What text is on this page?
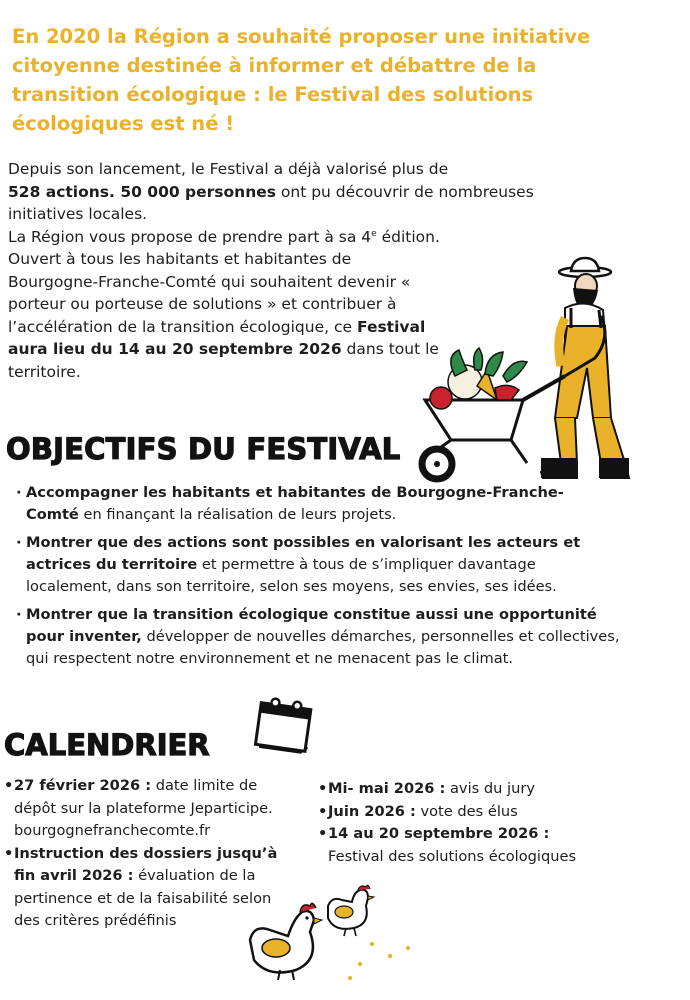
En 2020 la Région a souhaité proposer une initiative citoyenne destinée à informer et débattre de la transition écologique : le Festival des solutions écologiques est né !

Depuis son lancement, le Festival a déjà valorisé plus de
528 actions. 50 000 personnes ont pu découvrir de nombreuses initiatives locales.

La Région vous propose de prendre part à sa 4e édition. Ouvert à tous les habitants et habitantes de Bourgogne-Franche-Comté qui souhaitent devenir « porteur ou porteuse de solutions » et contribuer à l’accélération de la transition écologique, ce Festival aura lieu du 14 au 20 septembre 2026 dans tout le territoire.

OBJECTIFS DU FESTIVAL
· Accompagner les habitants et habitantes de Bourgogne-Franche-Comté en finançant la réalisation de leurs projets.
· Montrer que des actions sont possibles en valorisant les acteurs et actrices du territoire et permettre à tous de s’impliquer davantage localement, dans son territoire, selon ses moyens, ses envies, ses idées.
· Montrer que la transition écologique constitue aussi une opportunité pour inventer, développer de nouvelles démarches, personnelles et collectives, qui respectent notre environnement et ne menacent pas le climat.
CALENDRIER
• 27 février 2026 : date limite de dépôt sur la plateforme Jeparticipe. bourgognefranchecomte.fr
• Instruction des dossiers jusqu’à fin avril 2026 : évaluation de la pertinence et de la faisabilité selon des critères prédéfinis
• Mi- mai 2026 : avis du jury
• Juin 2026 : vote des élus
• 14 au 20 septembre 2026 :
Festival des solutions écologiques
